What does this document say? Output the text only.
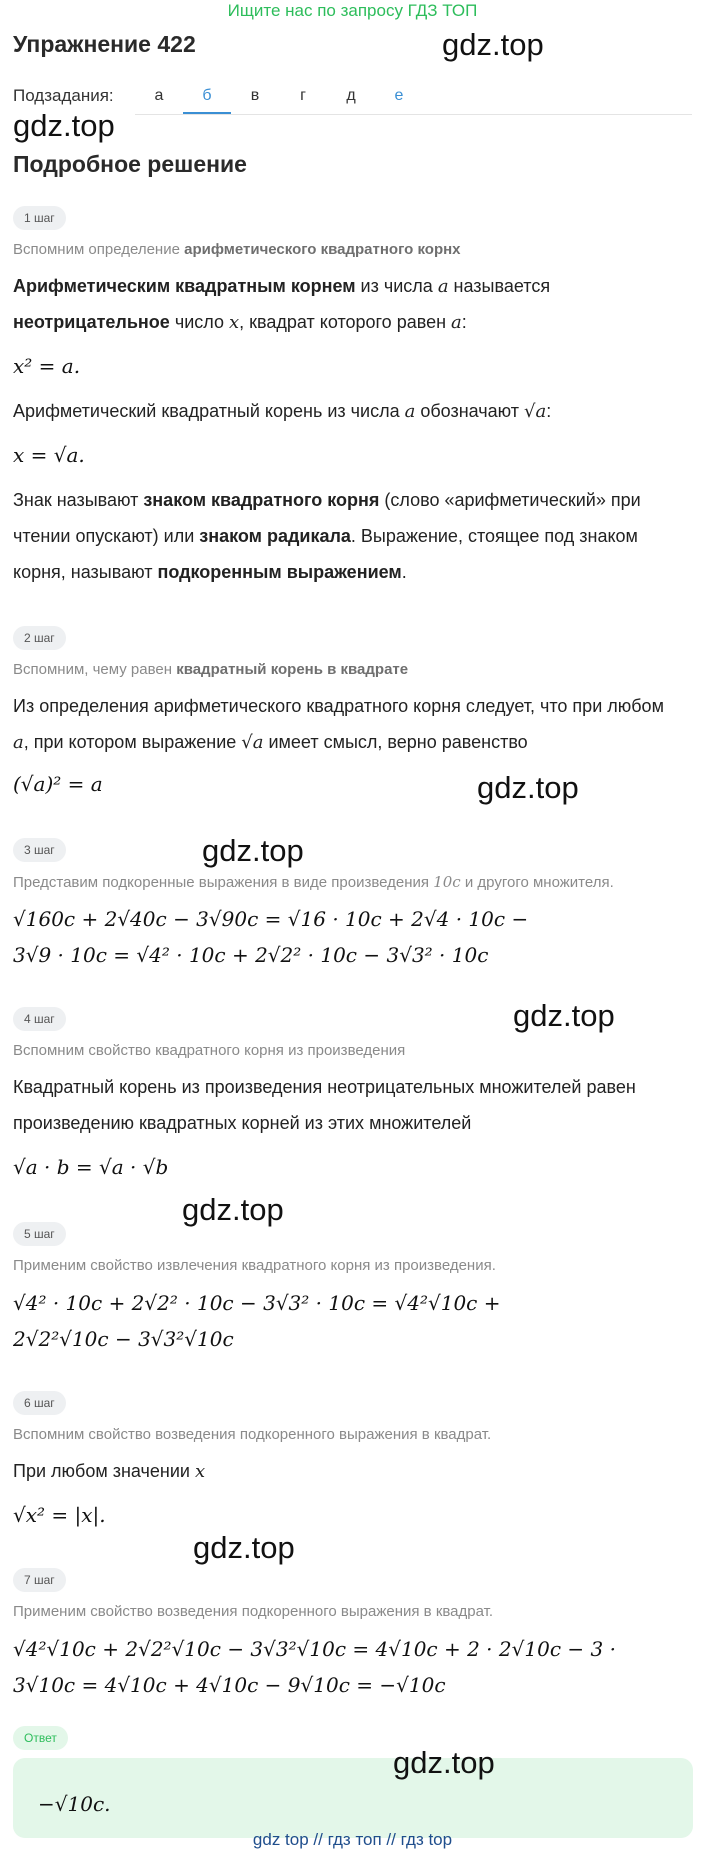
Ищите нас по запросу ГДЗ ТОП
Упражнение 422	gdz.top
Подзадания:	а	б	в	г	д	е
gdz.top
Подробное решение
1 шаг
Вспомним определение арифметического квадратного корнх
Арифметическим квадратным корнем из числа a называется
неотрицательное число x, квадрат которого равен a:
x² = a.
Арифметический квадратный корень из числа a обозначают √a:
x = √a.
Знак называют знаком квадратного корня (слово «арифметический» при
чтении опускают) или знаком радикала. Выражение, стоящее под знаком
корня, называют подкоренным выражением.
2 шаг
Вспомним, чему равен квадратный корень в квадрате
Из определения арифметического квадратного корня следует, что при любом
a, при котором выражение √a имеет смысл, верно равенство
(√a)² = a	gdz.top
3 шаг	gdz.top
Представим подкоренные выражения в виде произведения 10c и другого множителя.
√160c + 2√40c − 3√90c = √16 · 10c + 2√4 · 10c −
3√9 · 10c = √4² · 10c + 2√2² · 10c − 3√3² · 10c
4 шаг	gdz.top
Вспомним свойство квадратного корня из произведения
Квадратный корень из произведения неотрицательных множителей равен
произведению квадратных корней из этих множителей
√a · b = √a · √b
gdz.top
5 шаг
Применим свойство извлечения квадратного корня из произведения.
√4² · 10c + 2√2² · 10c − 3√3² · 10c = √4²√10c +
2√2²√10c − 3√3²√10c
6 шаг
Вспомним свойство возведения подкоренного выражения в квадрат.
При любом значении x
√x² = |x|.
gdz.top
7 шаг
Применим свойство возведения подкоренного выражения в квадрат.
√4²√10c + 2√2²√10c − 3√3²√10c = 4√10c + 2 · 2√10c − 3 ·
3√10c = 4√10c + 4√10c − 9√10c = −√10c
Ответ
gdz.top
−√10c.
gdz top // гдз топ // гдз top
